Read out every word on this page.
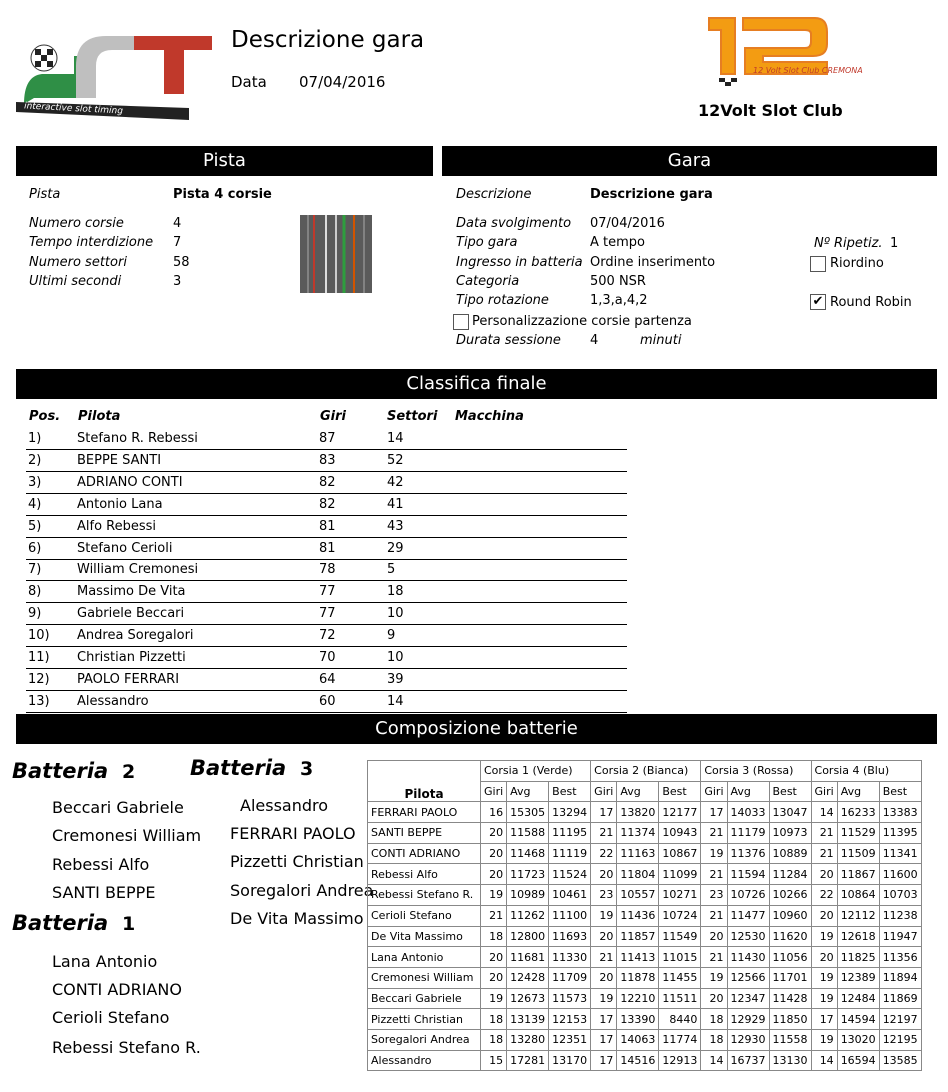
interactive slot timing
Descrizione gara
Data 07/04/2016
12 Volt Slot Club CREMONA
12Volt Slot Club
Pista
Pista	Pista 4 corsie
Numero corsie	4
Tempo interdizione 7
Numero settori	58
Ultimi secondi	3
Gara
Descrizione	Descrizione gara
Data svolgimento 07/04/2016
Tipo gara	A tempo
Ingresso in batteria Ordine inserimento
Categoria	500 NSR
Tipo rotazione	1,3,a,4,2
Personalizzazione corsie partenza
Durata sessione 4	minuti
Nº Ripetiz. 1
Riordino
✔ Round Robin
Classifica finale
Pos. Pilota	Giri	Settori Macchina
1)	Stefano R. Rebessi	87	14
2)	BEPPE SANTI	83	52
3)	ADRIANO CONTI	82	42
4)	Antonio Lana	82	41
5)	Alfo Rebessi	81	43
6)	Stefano Cerioli	81	29
7)	William Cremonesi	78	5
8)	Massimo De Vita	77	18
9)	Gabriele Beccari	77	10
10) Andrea Soregalori	72	9
11) Christian Pizzetti	70	10
12) PAOLO FERRARI	64	39
13) Alessandro	60	14
Composizione batterie
Batteria 2
Beccari Gabriele
Cremonesi William
Rebessi Alfo
SANTI BEPPE
Batteria 3
Alessandro
FERRARI PAOLO
Pizzetti Christian
Soregalori Andrea
De Vita Massimo
Batteria 1
Lana Antonio
CONTI ADRIANO
Cerioli Stefano
Rebessi Stefano R.
Pilota	Corsia 1 (Verde)			Corsia 2 (Bianca)			Corsia 3 (Rossa)			Corsia 4 (Blu)		
	Giri	Avg	Best	Giri	Avg	Best	Giri	Avg	Best	Giri	Avg	Best
FERRARI PAOLO	16	15305	13294	17	13820	12177	17	14033	13047	14	16233	13383
SANTI BEPPE	20	11588	11195	21	11374	10943	21	11179	10973	21	11529	11395
CONTI ADRIANO	20	11468	11119	22	11163	10867	19	11376	10889	21	11509	11341
Rebessi Alfo	20	11723	11524	20	11804	11099	21	11594	11284	20	11867	11600
Rebessi Stefano R.	19	10989	10461	23	10557	10271	23	10726	10266	22	10864	10703
Cerioli Stefano	21	11262	11100	19	11436	10724	21	11477	10960	20	12112	11238
De Vita Massimo	18	12800	11693	20	11857	11549	20	12530	11620	19	12618	11947
Lana Antonio	20	11681	11330	21	11413	11015	21	11430	11056	20	11825	11356
Cremonesi William	20	12428	11709	20	11878	11455	19	12566	11701	19	12389	11894
Beccari Gabriele	19	12673	11573	19	12210	11511	20	12347	11428	19	12484	11869
Pizzetti Christian	18	13139	12153	17	13390	8440	18	12929	11850	17	14594	12197
Soregalori Andrea	18	13280	12351	17	14063	11774	18	12930	11558	19	13020	12195
Alessandro	15	17281	13170	17	14516	12913	14	16737	13130	14	16594	13585
